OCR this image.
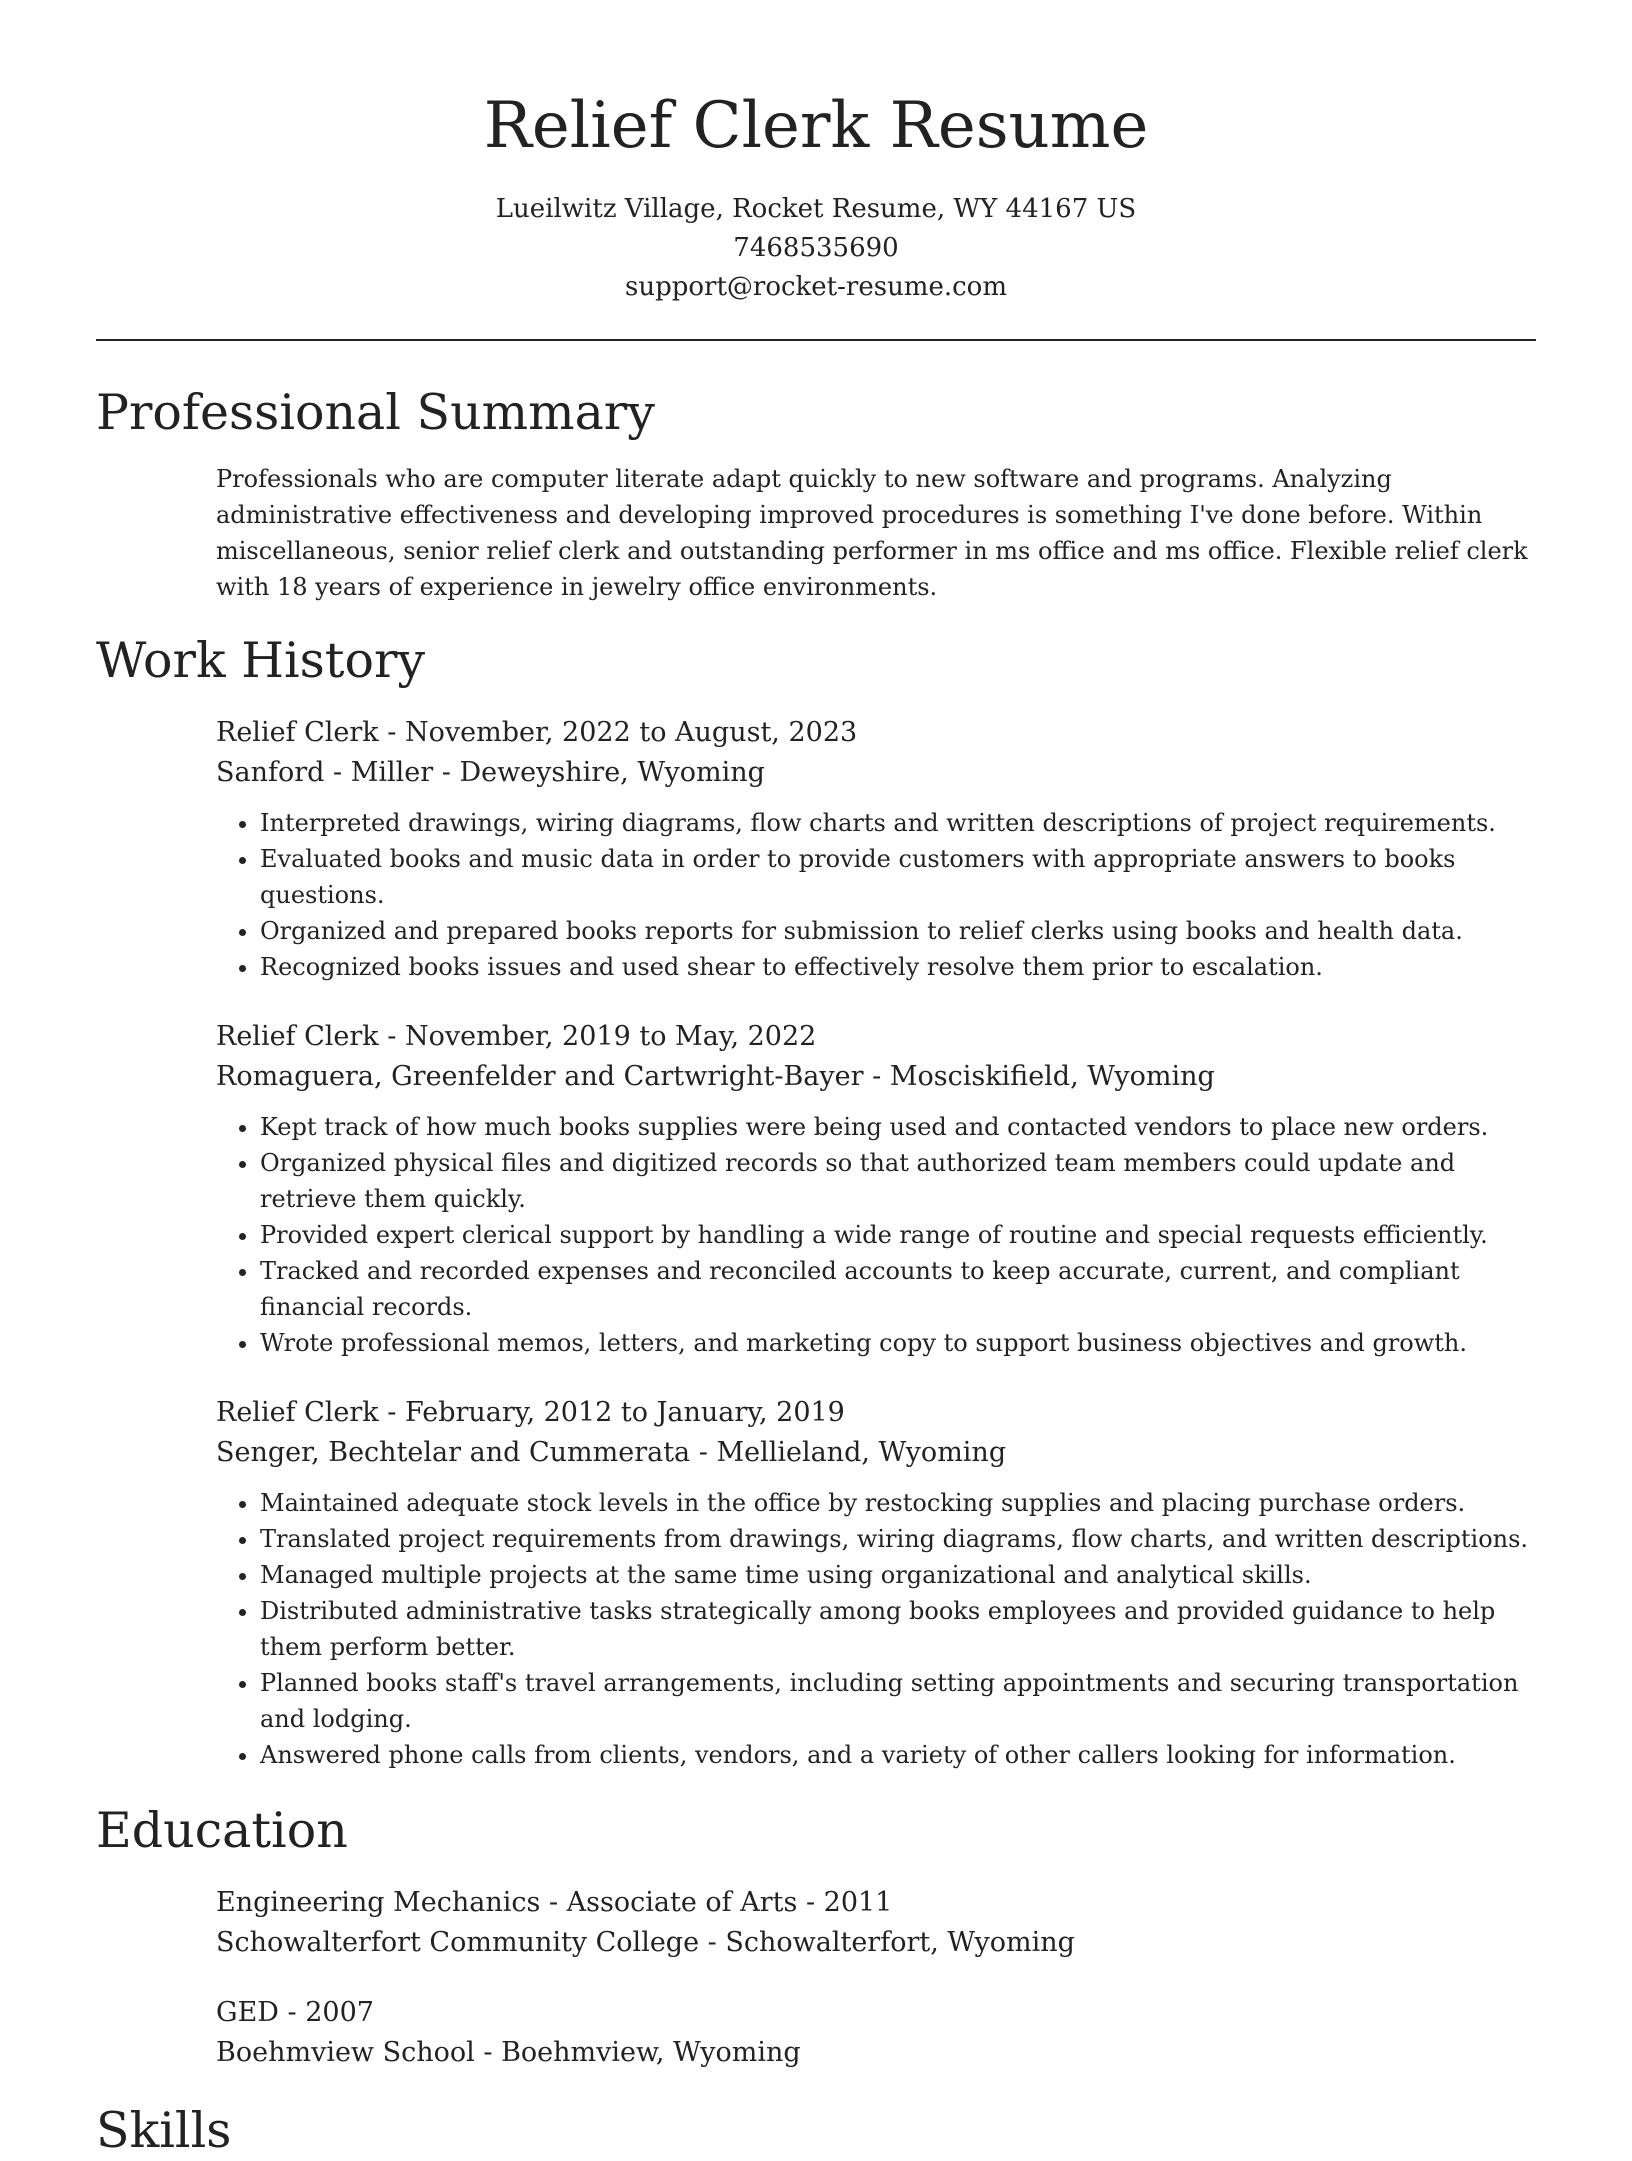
Relief Clerk Resume
Lueilwitz Village, Rocket Resume, WY 44167 US
7468535690
support@rocket-resume.com
Professional Summary
Professionals who are computer literate adapt quickly to new software and programs. Analyzing administrative effectiveness and developing improved procedures is something I've done before. Within miscellaneous, senior relief clerk and outstanding performer in ms office and ms office. Flexible relief clerk with 18 years of experience in jewelry office environments.
Work History
Relief Clerk - November, 2022 to August, 2023
Sanford - Miller - Deweyshire, Wyoming
• Interpreted drawings, wiring diagrams, flow charts and written descriptions of project requirements.
• Evaluated books and music data in order to provide customers with appropriate answers to books questions.
• Organized and prepared books reports for submission to relief clerks using books and health data.
• Recognized books issues and used shear to effectively resolve them prior to escalation.
Relief Clerk - November, 2019 to May, 2022
Romaguera, Greenfelder and Cartwright-Bayer - Mosciskifield, Wyoming
• Kept track of how much books supplies were being used and contacted vendors to place new orders.
• Organized physical files and digitized records so that authorized team members could update and retrieve them quickly.
• Provided expert clerical support by handling a wide range of routine and special requests efficiently.
• Tracked and recorded expenses and reconciled accounts to keep accurate, current, and compliant financial records.
• Wrote professional memos, letters, and marketing copy to support business objectives and growth.
Relief Clerk - February, 2012 to January, 2019
Senger, Bechtelar and Cummerata - Mellieland, Wyoming
• Maintained adequate stock levels in the office by restocking supplies and placing purchase orders.
• Translated project requirements from drawings, wiring diagrams, flow charts, and written descriptions.
• Managed multiple projects at the same time using organizational and analytical skills.
• Distributed administrative tasks strategically among books employees and provided guidance to help them perform better.
• Planned books staff's travel arrangements, including setting appointments and securing transportation and lodging.
• Answered phone calls from clients, vendors, and a variety of other callers looking for information.
Education
Engineering Mechanics - Associate of Arts - 2011
Schowalterfort Community College - Schowalterfort, Wyoming
GED - 2007
Boehmview School - Boehmview, Wyoming
Skills
